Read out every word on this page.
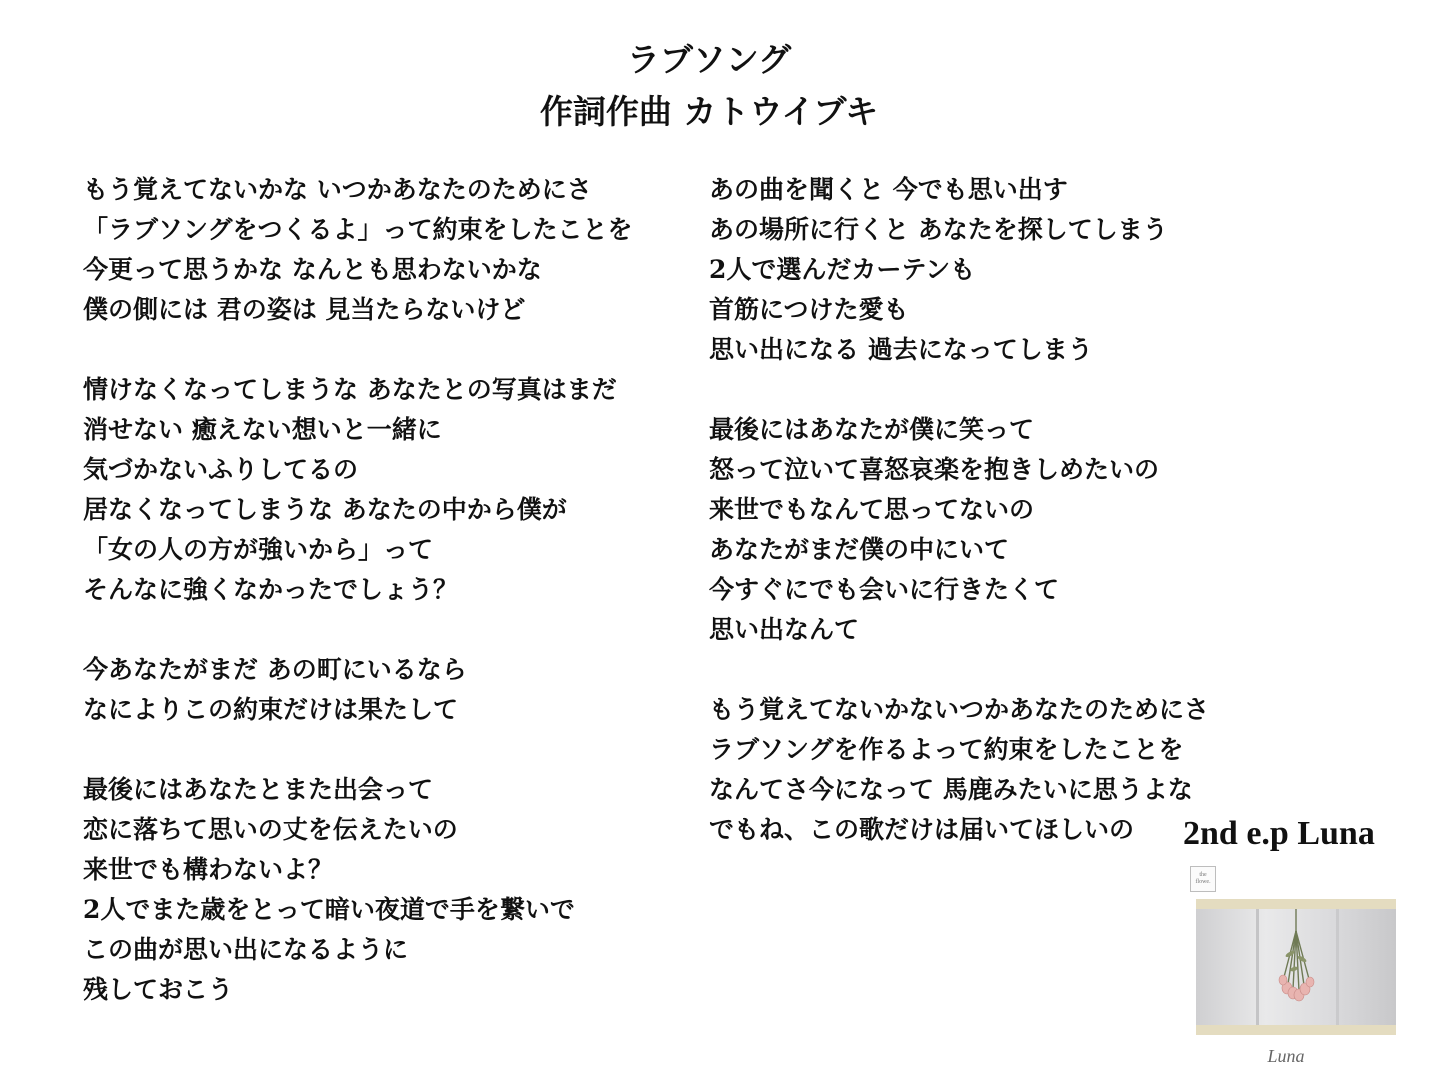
ラブソング
作詞作曲 カトウイブキ
もう覚えてないかな いつかあなたのためにさ
「ラブソングをつくるよ」って約束をしたことを
今更って思うかな なんとも思わないかな
僕の側には 君の姿は 見当たらないけど
情けなくなってしまうな あなたとの写真はまだ
消せない 癒えない想いと一緒に
気づかないふりしてるの
居なくなってしまうな あなたの中から僕が
「女の人の方が強いから」って
そんなに強くなかったでしょう？
今あなたがまだ あの町にいるなら
なによりこの約束だけは果たして
最後にはあなたとまた出会って
恋に落ちて思いの丈を伝えたいの
来世でも構わないよ？
2人でまた歳をとって暗い夜道で手を繋いで
この曲が思い出になるように
残しておこう
あの曲を聞くと 今でも思い出す
あの場所に行くと あなたを探してしまう
2人で選んだカーテンも
首筋につけた愛も
思い出になる 過去になってしまう
最後にはあなたが僕に笑って
怒って泣いて喜怒哀楽を抱きしめたいの
来世でもなんて思ってないの
あなたがまだ僕の中にいて
今すぐにでも会いに行きたくて
思い出なんて
もう覚えてないかないつかあなたのためにさ
ラブソングを作るよって約束をしたことを
なんてさ今になって 馬鹿みたいに思うよな
でもね、この歌だけは届いてほしいの	2nd e.p Luna
the
flowe.
Luna
